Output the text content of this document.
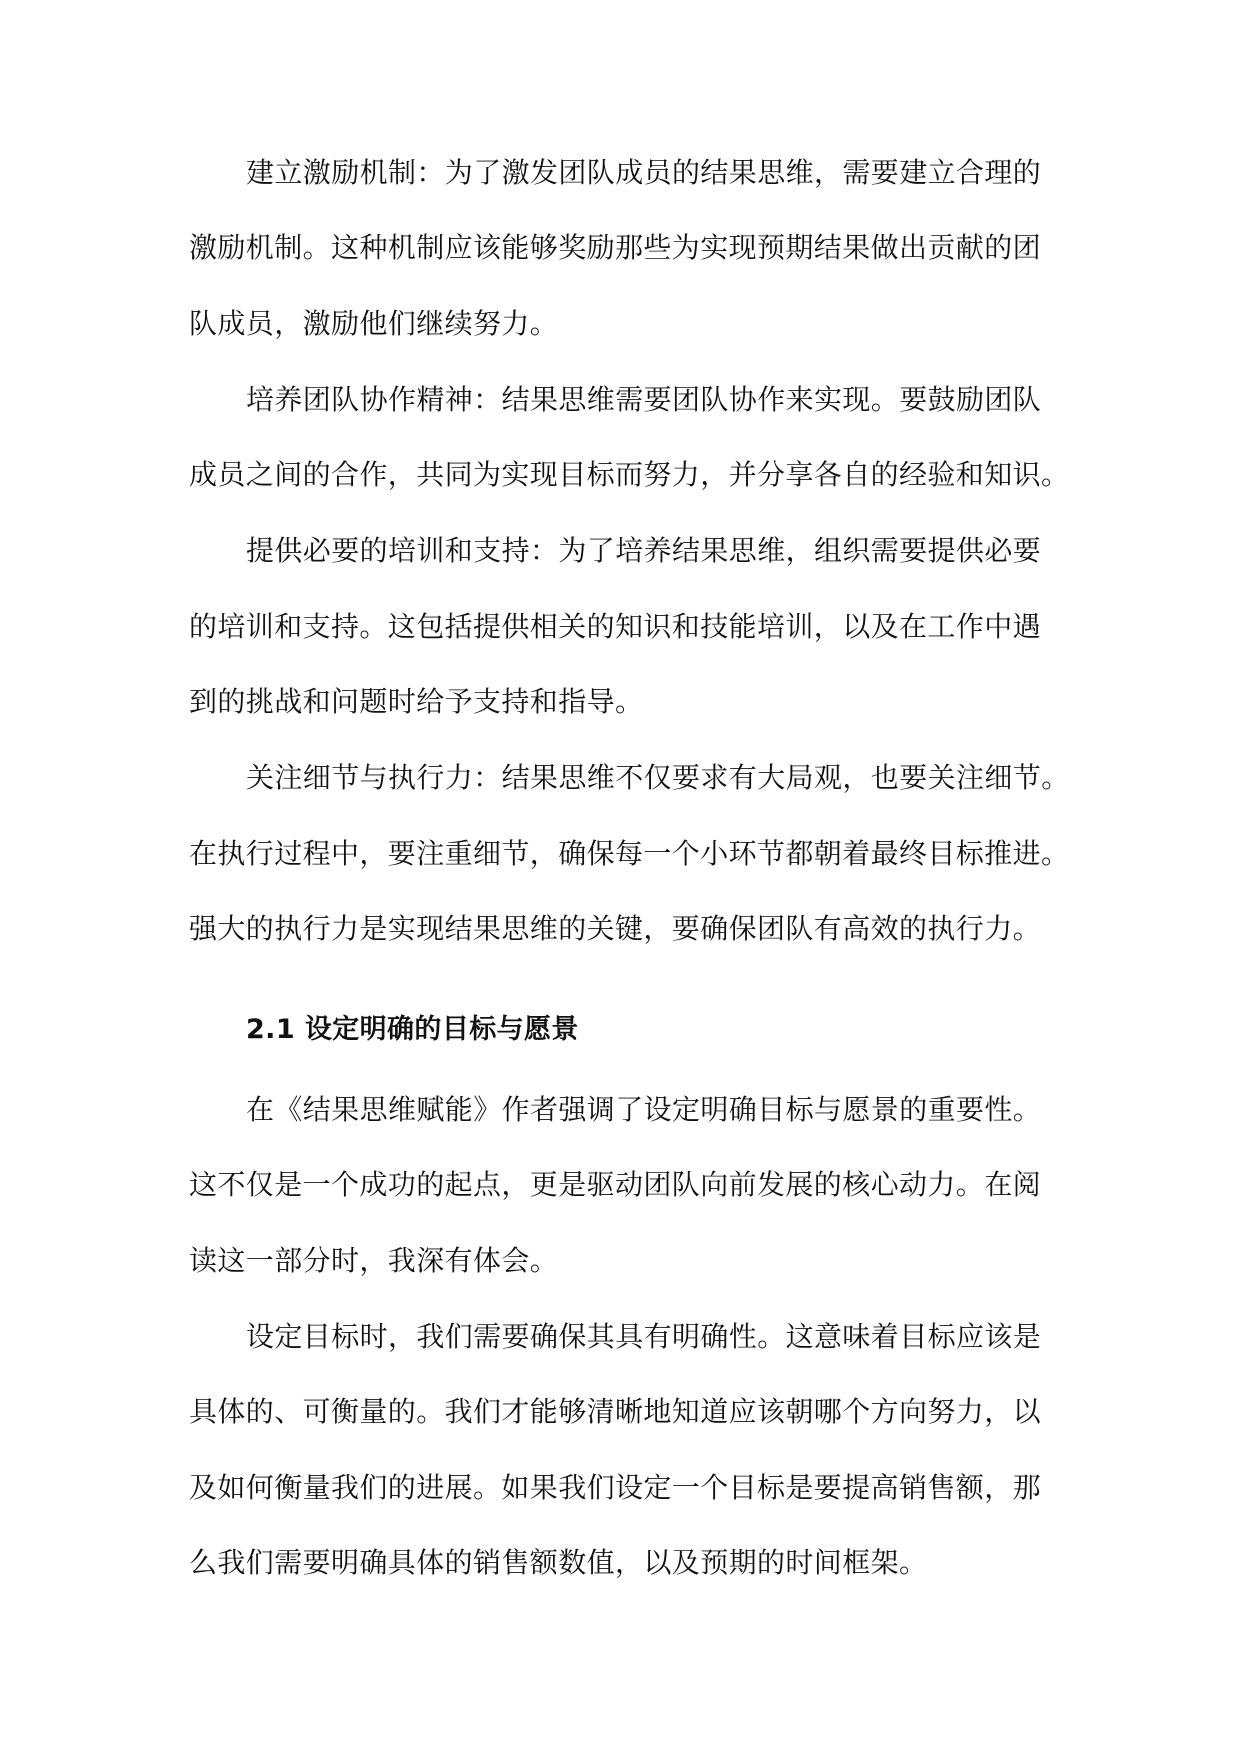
建立激励机制：为了激发团队成员的结果思维，需要建立合理的
激励机制。这种机制应该能够奖励那些为实现预期结果做出贡献的团
队成员，激励他们继续努力。
培养团队协作精神：结果思维需要团队协作来实现。要鼓励团队
成员之间的合作，共同为实现目标而努力，并分享各自的经验和知识。
提供必要的培训和支持：为了培养结果思维，组织需要提供必要
的培训和支持。这包括提供相关的知识和技能培训，以及在工作中遇
到的挑战和问题时给予支持和指导。
关注细节与执行力：结果思维不仅要求有大局观，也要关注细节。
在执行过程中，要注重细节，确保每一个小环节都朝着最终目标推进。
强大的执行力是实现结果思维的关键，要确保团队有高效的执行力。
2.1 设定明确的目标与愿景
在《结果思维赋能》作者强调了设定明确目标与愿景的重要性。
这不仅是一个成功的起点，更是驱动团队向前发展的核心动力。在阅
读这一部分时，我深有体会。
设定目标时，我们需要确保其具有明确性。这意味着目标应该是
具体的、可衡量的。我们才能够清晰地知道应该朝哪个方向努力，以
及如何衡量我们的进展。如果我们设定一个目标是要提高销售额，那
么我们需要明确具体的销售额数值，以及预期的时间框架。
